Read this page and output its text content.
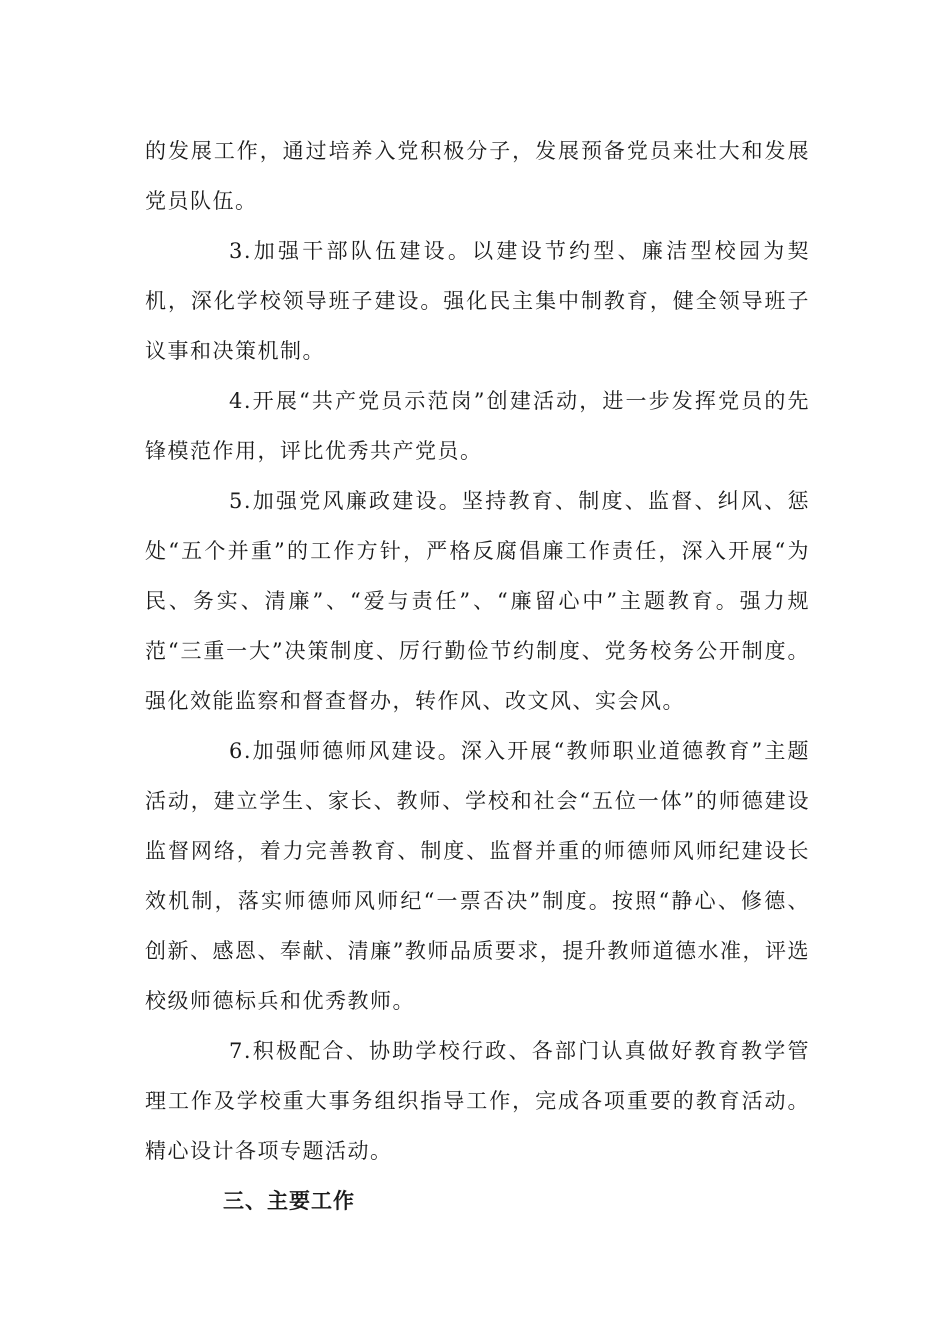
的发展工作，通过培养入党积极分子，发展预备党员来壮大和发展党员队伍。

3.加强干部队伍建设。以建设节约型、廉洁型校园为契机，深化学校领导班子建设。强化民主集中制教育，健全领导班子议事和决策机制。

4.开展“共产党员示范岗”创建活动，进一步发挥党员的先锋模范作用，评比优秀共产党员。

5.加强党风廉政建设。坚持教育、制度、监督、纠风、惩处“五个并重”的工作方针，严格反腐倡廉工作责任，深入开展“为民、务实、清廉”、“爱与责任”、“廉留心中”主题教育。强力规范“三重一大”决策制度、厉行勤俭节约制度、党务校务公开制度。强化效能监察和督查督办，转作风、改文风、实会风。

6.加强师德师风建设。深入开展“教师职业道德教育”主题活动，建立学生、家长、教师、学校和社会“五位一体”的师德建设监督网络，着力完善教育、制度、监督并重的师德师风师纪建设长效机制，落实师德师风师纪“一票否决”制度。按照“静心、修德、创新、感恩、奉献、清廉”教师品质要求，提升教师道德水准，评选校级师德标兵和优秀教师。

7.积极配合、协助学校行政、各部门认真做好教育教学管理工作及学校重大事务组织指导工作，完成各项重要的教育活动。精心设计各项专题活动。

三、主要工作
